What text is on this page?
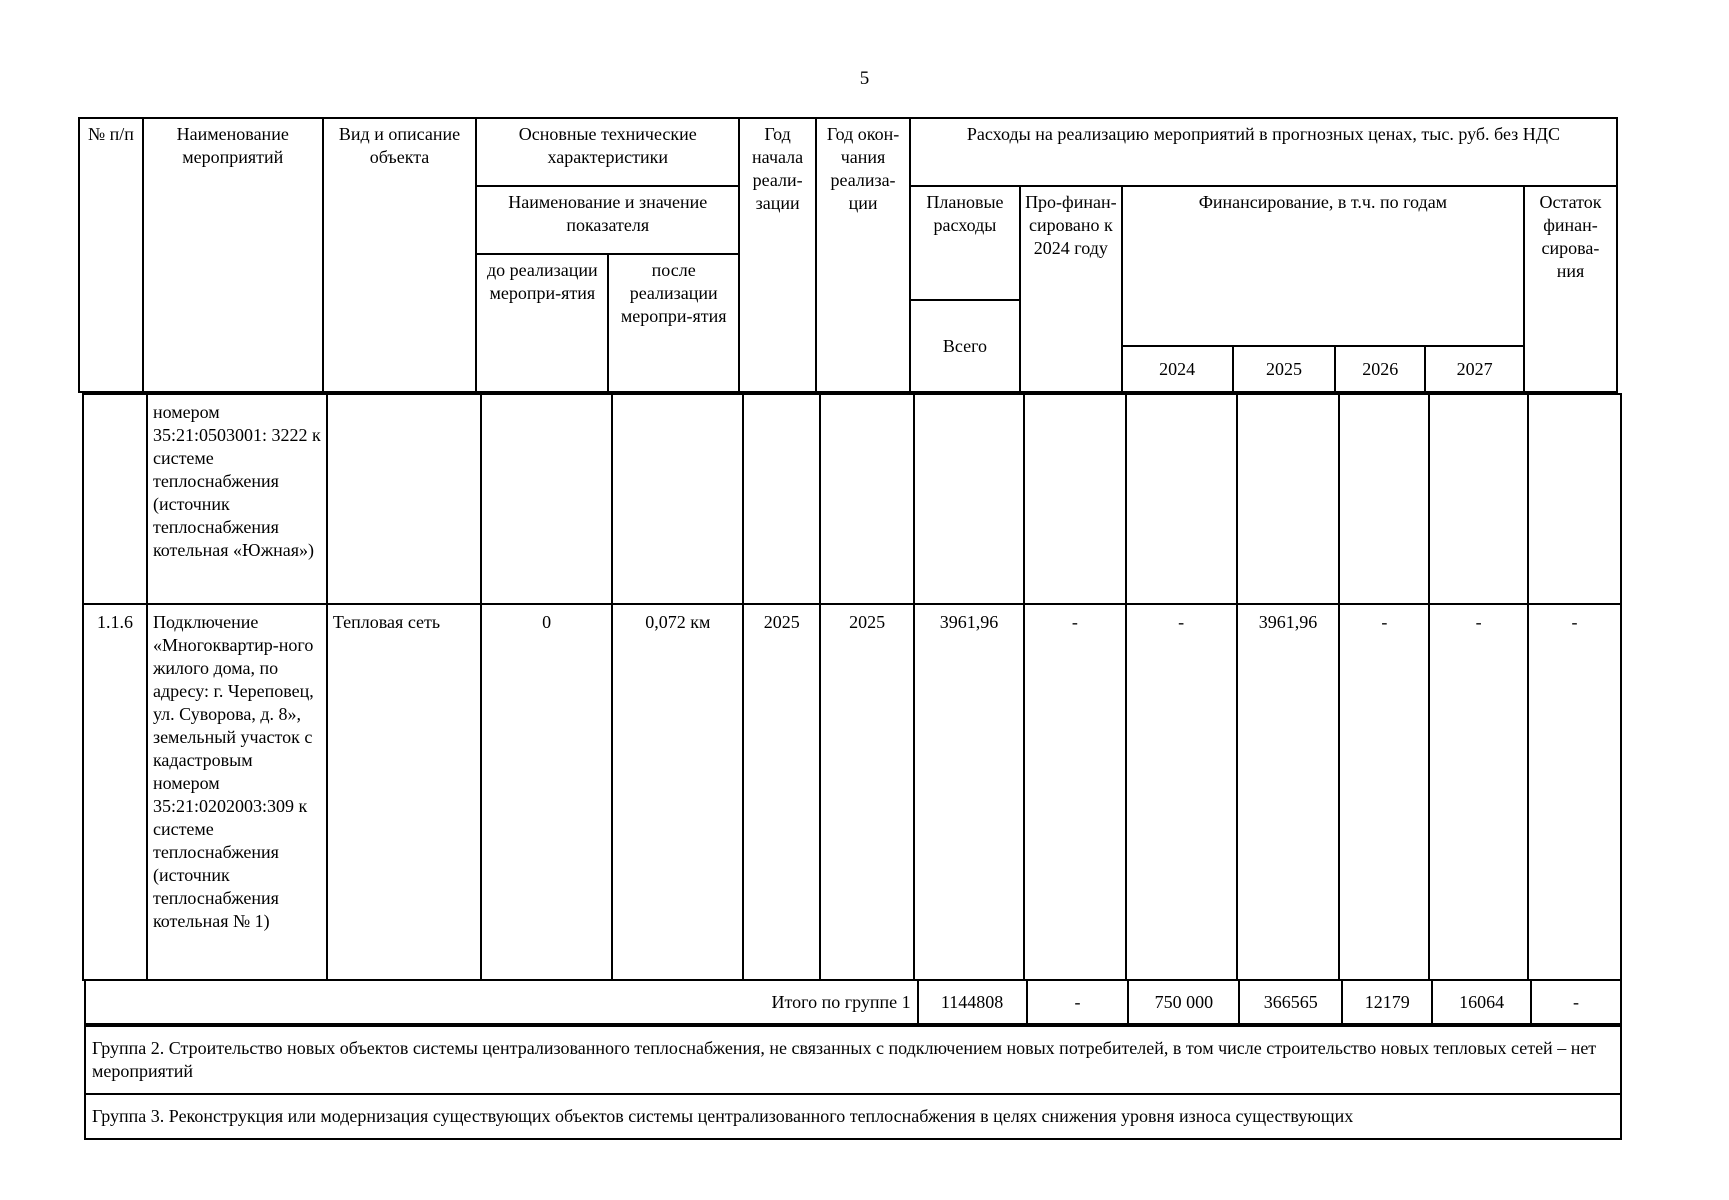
5
№ п/п	Наименование мероприятий	Вид и описание объекта	Основные технические характеристики		Год начала реали-зации	Год окон-чания реализа-ции	Расходы на реализацию мероприятий в прогнозных ценах, тыс. руб. без НДС						
			Наименование и значение показателя				Плановые расходы	Про-финан-сировано к 2024 году	Финансирование, в т.ч. по годам				Остаток финан-сирова-ния
			до реализации меропри-ятия	после реализации меропри-ятия									
							Всего						
									2024	2025	2026	2027	
	номером 35:21:0503001: 3222 к системе теплоснабжения (источник теплоснабжения котельная «Южная»)												
1.1.6	Подключение «Многоквартир-ного жилого дома, по адресу: г. Череповец, ул. Суворова, д. 8», земельный участок с кадастровым номером 35:21:0202003:309 к системе теплоснабжения (источник теплоснабжения котельная № 1)	Тепловая сеть	0	0,072 км	2025	2025	3961,96	-	-	3961,96	-	-	-
Итого по группе 1	1144808	-	750 000	366565	12179	16064	-
Группа 2. Строительство новых объектов системы централизованного теплоснабжения, не связанных с подключением новых потребителей, в том числе строительство новых тепловых сетей – нет мероприятий
Группа 3. Реконструкция или модернизация существующих объектов системы централизованного теплоснабжения в целях снижения уровня износа существующих
